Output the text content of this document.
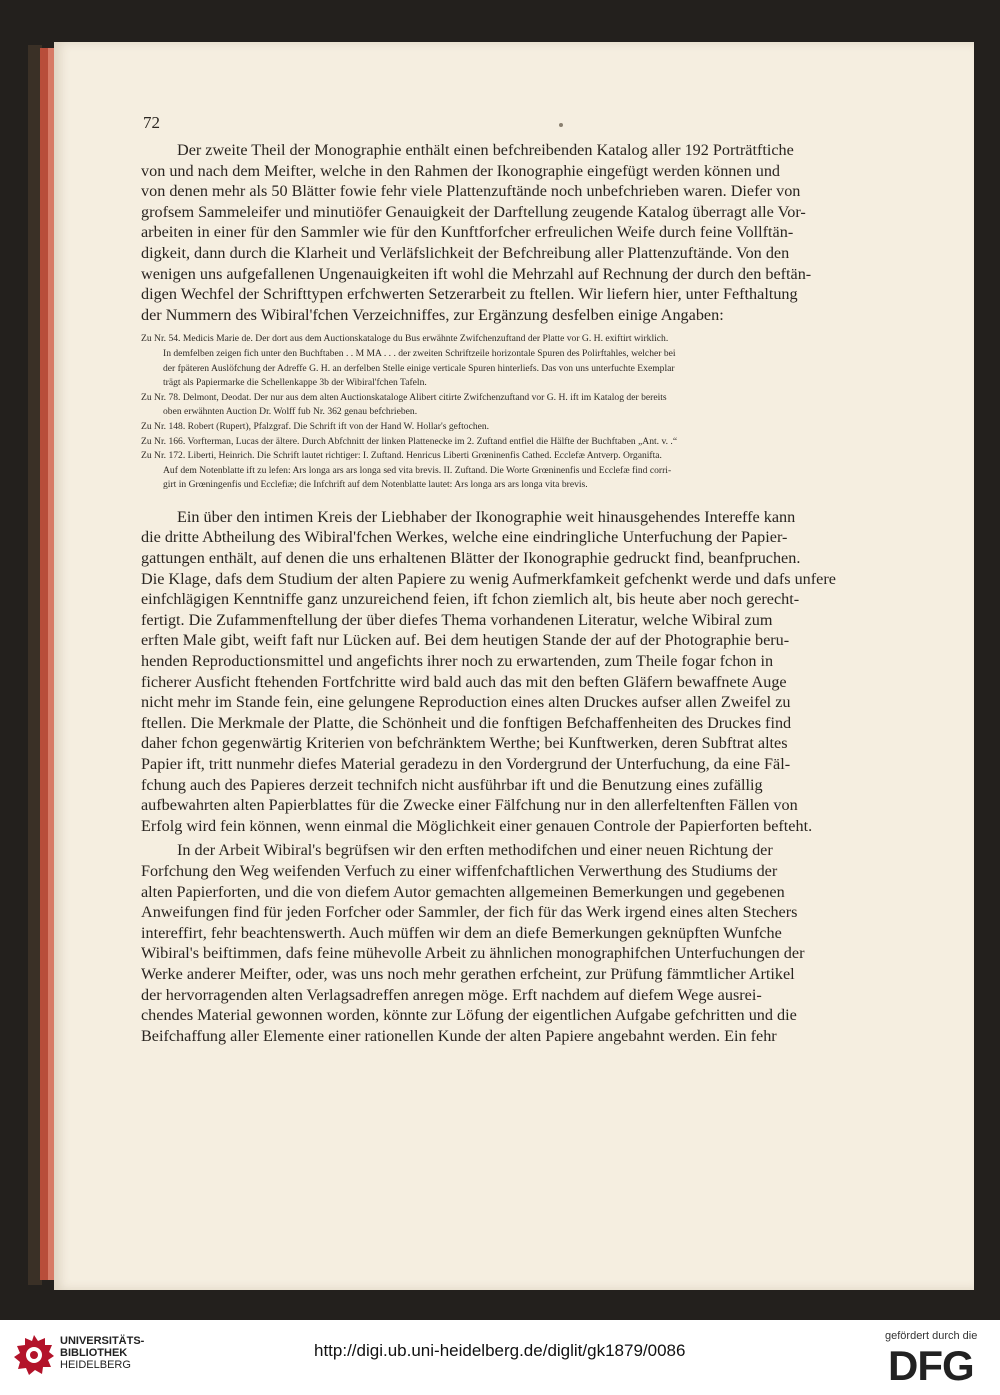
72

Der zweite Theil der Monographie enthält einen befchreibenden Katalog aller 192 Porträtftiche
von und nach dem Meifter, welche in den Rahmen der Ikonographie eingefügt werden können und
von denen mehr als 50 Blätter fowie fehr viele Plattenzuftände noch unbefchrieben waren. Diefer von
grofsem Sammeleifer und minutiöfer Genauigkeit der Darftellung zeugende Katalog überragt alle Vor-
arbeiten in einer für den Sammler wie für den Kunftforfcher erfreulichen Weife durch feine Vollftän-
digkeit, dann durch die Klarheit und Verläfslichkeit der Befchreibung aller Plattenzuftände. Von den
wenigen uns aufgefallenen Ungenauigkeiten ift wohl die Mehrzahl auf Rechnung der durch den beftän-
digen Wechfel der Schrifttypen erfchwerten Setzerarbeit zu ftellen. Wir liefern hier, unter Fefthaltung
der Nummern des Wibiral'fchen Verzeichniffes, zur Ergänzung desfelben einige Angaben:

Zu Nr. 54. Medicis Marie de. Der dort aus dem Auctionskataloge du Bus erwähnte Zwifchenzuftand der Platte vor G. H. exiftirt wirklich.
In demfelben zeigen fich unter den Buchftaben . . M MA . . . der zweiten Schriftzeile horizontale Spuren des Polirftahles, welcher bei
der fpäteren Auslöfchung der Adreffe G. H. an derfelben Stelle einige verticale Spuren hinterliefs. Das von uns unterfuchte Exemplar
trägt als Papiermarke die Schellenkappe 3b der Wibiral'fchen Tafeln.

Zu Nr. 78. Delmont, Deodat. Der nur aus dem alten Auctionskataloge Alibert citirte Zwifchenzuftand vor G. H. ift im Katalog der bereits
oben erwähnten Auction Dr. Wolff fub Nr. 362 genau befchrieben.

Zu Nr. 148. Robert (Rupert), Pfalzgraf. Die Schrift ift von der Hand W. Hollar's geftochen.

Zu Nr. 166. Vorfterman, Lucas der ältere. Durch Abfchnitt der linken Plattenecke im 2. Zuftand entfiel die Hälfte der Buchftaben „Ant. v. .“

Zu Nr. 172. Liberti, Heinrich. Die Schrift lautet richtiger: I. Zuftand. Henricus Liberti Grœninenfis Cathed. Ecclefæ Antverp. Organifta.
Auf dem Notenblatte ift zu lefen: Ars longa ars ars longa sed vita brevis. II. Zuftand. Die Worte Grœninenfis und Ecclefæ find corri-
girt in Grœningenfis und Ecclefiæ; die Infchrift auf dem Notenblatte lautet: Ars longa ars ars longa vita brevis.

Ein über den intimen Kreis der Liebhaber der Ikonographie weit hinausgehendes Intereffe kann
die dritte Abtheilung des Wibiral'fchen Werkes, welche eine eindringliche Unterfuchung der Papier-
gattungen enthält, auf denen die uns erhaltenen Blätter der Ikonographie gedruckt find, beanfpruchen.
Die Klage, dafs dem Studium der alten Papiere zu wenig Aufmerkfamkeit gefchenkt werde und dafs unfere
einfchlägigen Kenntniffe ganz unzureichend feien, ift fchon ziemlich alt, bis heute aber noch gerecht-
fertigt. Die Zufammenftellung der über diefes Thema vorhandenen Literatur, welche Wibiral zum
erften Male gibt, weift faft nur Lücken auf. Bei dem heutigen Stande der auf der Photographie beru-
henden Reproductionsmittel und angefichts ihrer noch zu erwartenden, zum Theile fogar fchon in
ficherer Ausficht ftehenden Fortfchritte wird bald auch das mit den beften Gläfern bewaffnete Auge
nicht mehr im Stande fein, eine gelungene Reproduction eines alten Druckes aufser allen Zweifel zu
ftellen. Die Merkmale der Platte, die Schönheit und die fonftigen Befchaffenheiten des Druckes find
daher fchon gegenwärtig Kriterien von befchränktem Werthe; bei Kunftwerken, deren Subftrat altes
Papier ift, tritt nunmehr diefes Material geradezu in den Vordergrund der Unterfuchung, da eine Fäl-
fchung auch des Papieres derzeit technifch nicht ausführbar ift und die Benutzung eines zufällig
aufbewahrten alten Papierblattes für die Zwecke einer Fälfchung nur in den allerfeltenften Fällen von
Erfolg wird fein können, wenn einmal die Möglichkeit einer genauen Controle der Papierforten befteht.

In der Arbeit Wibiral's begrüfsen wir den erften methodifchen und einer neuen Richtung der
Forfchung den Weg weifenden Verfuch zu einer wiffenfchaftlichen Verwerthung des Studiums der
alten Papierforten, und die von diefem Autor gemachten allgemeinen Bemerkungen und gegebenen
Anweifungen find für jeden Forfcher oder Sammler, der fich für das Werk irgend eines alten Stechers
intereffirt, fehr beachtenswerth. Auch müffen wir dem an diefe Bemerkungen geknüpften Wunfche
Wibiral's beiftimmen, dafs feine mühevolle Arbeit zu ähnlichen monographifchen Unterfuchungen der
Werke anderer Meifter, oder, was uns noch mehr gerathen erfcheint, zur Prüfung fämmtlicher Artikel
der hervorragenden alten Verlagsadreffen anregen möge. Erft nachdem auf diefem Wege ausrei-
chendes Material gewonnen worden, könnte zur Löfung der eigentlichen Aufgabe gefchritten und die
Beifchaffung aller Elemente einer rationellen Kunde der alten Papiere angebahnt werden. Ein fehr

UNIVERSITÄTS-
BIBLIOTHEK
HEIDELBERG
http://digi.ub.uni-heidelberg.de/diglit/gk1879/0086
gefördert durch die
DFG
